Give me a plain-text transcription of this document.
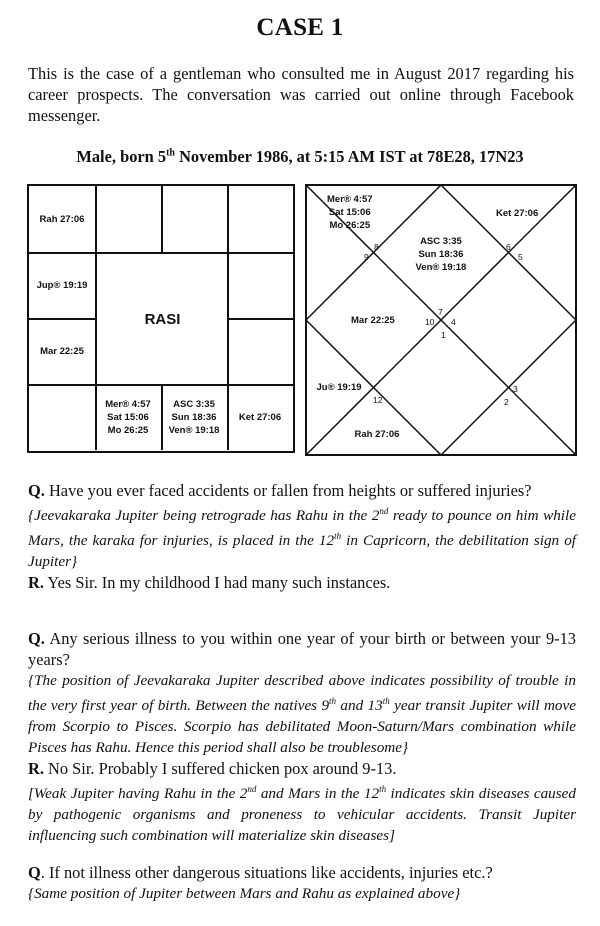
CASE 1
This is the case of a gentleman who consulted me in August 2017 regarding his career prospects. The conversation was carried out online through Facebook messenger.
Male, born 5th November 1986, at 5:15 AM IST at 78E28, 17N23
Rah 27:06
Jup® 19:19
Mar 22:25
Mer® 4:57
Sat 15:06
Mo 26:25
ASC 3:35
Sun 18:36
Ven® 19:18
Ket 27:06
RASI
Mer® 4:57
Sat 15:06
Mo 26:25
ASC 3:35
Sun 18:36
Ven® 19:18
Ket 27:06
Mar 22:25
Ju® 19:19
Rah 27:06
8
9
6
5
7
10 4
1
12
3
2
Q. Have you ever faced accidents or fallen from heights or suffered injuries?
{Jeevakaraka Jupiter being retrograde has Rahu in the 2nd ready to pounce on him while Mars, the karaka for injuries, is placed in the 12th in Capricorn, the debilitation sign of Jupiter}
R. Yes Sir. In my childhood I had many such instances.
Q. Any serious illness to you within one year of your birth or between your 9-13 years?
{The position of Jeevakaraka Jupiter described above indicates possibility of trouble in the very first year of birth. Between the natives 9th and 13th year transit Jupiter will move from Scorpio to Pisces. Scorpio has debilitated Moon-Saturn/Mars combination while Pisces has Rahu. Hence this period shall also be troublesome}
R. No Sir. Probably I suffered chicken pox around 9-13.
[Weak Jupiter having Rahu in the 2nd and Mars in the 12th indicates skin diseases caused by pathogenic organisms and proneness to vehicular accidents. Transit Jupiter influencing such combination will materialize skin diseases]
Q. If not illness other dangerous situations like accidents, injuries etc.?
{Same position of Jupiter between Mars and Rahu as explained above}
